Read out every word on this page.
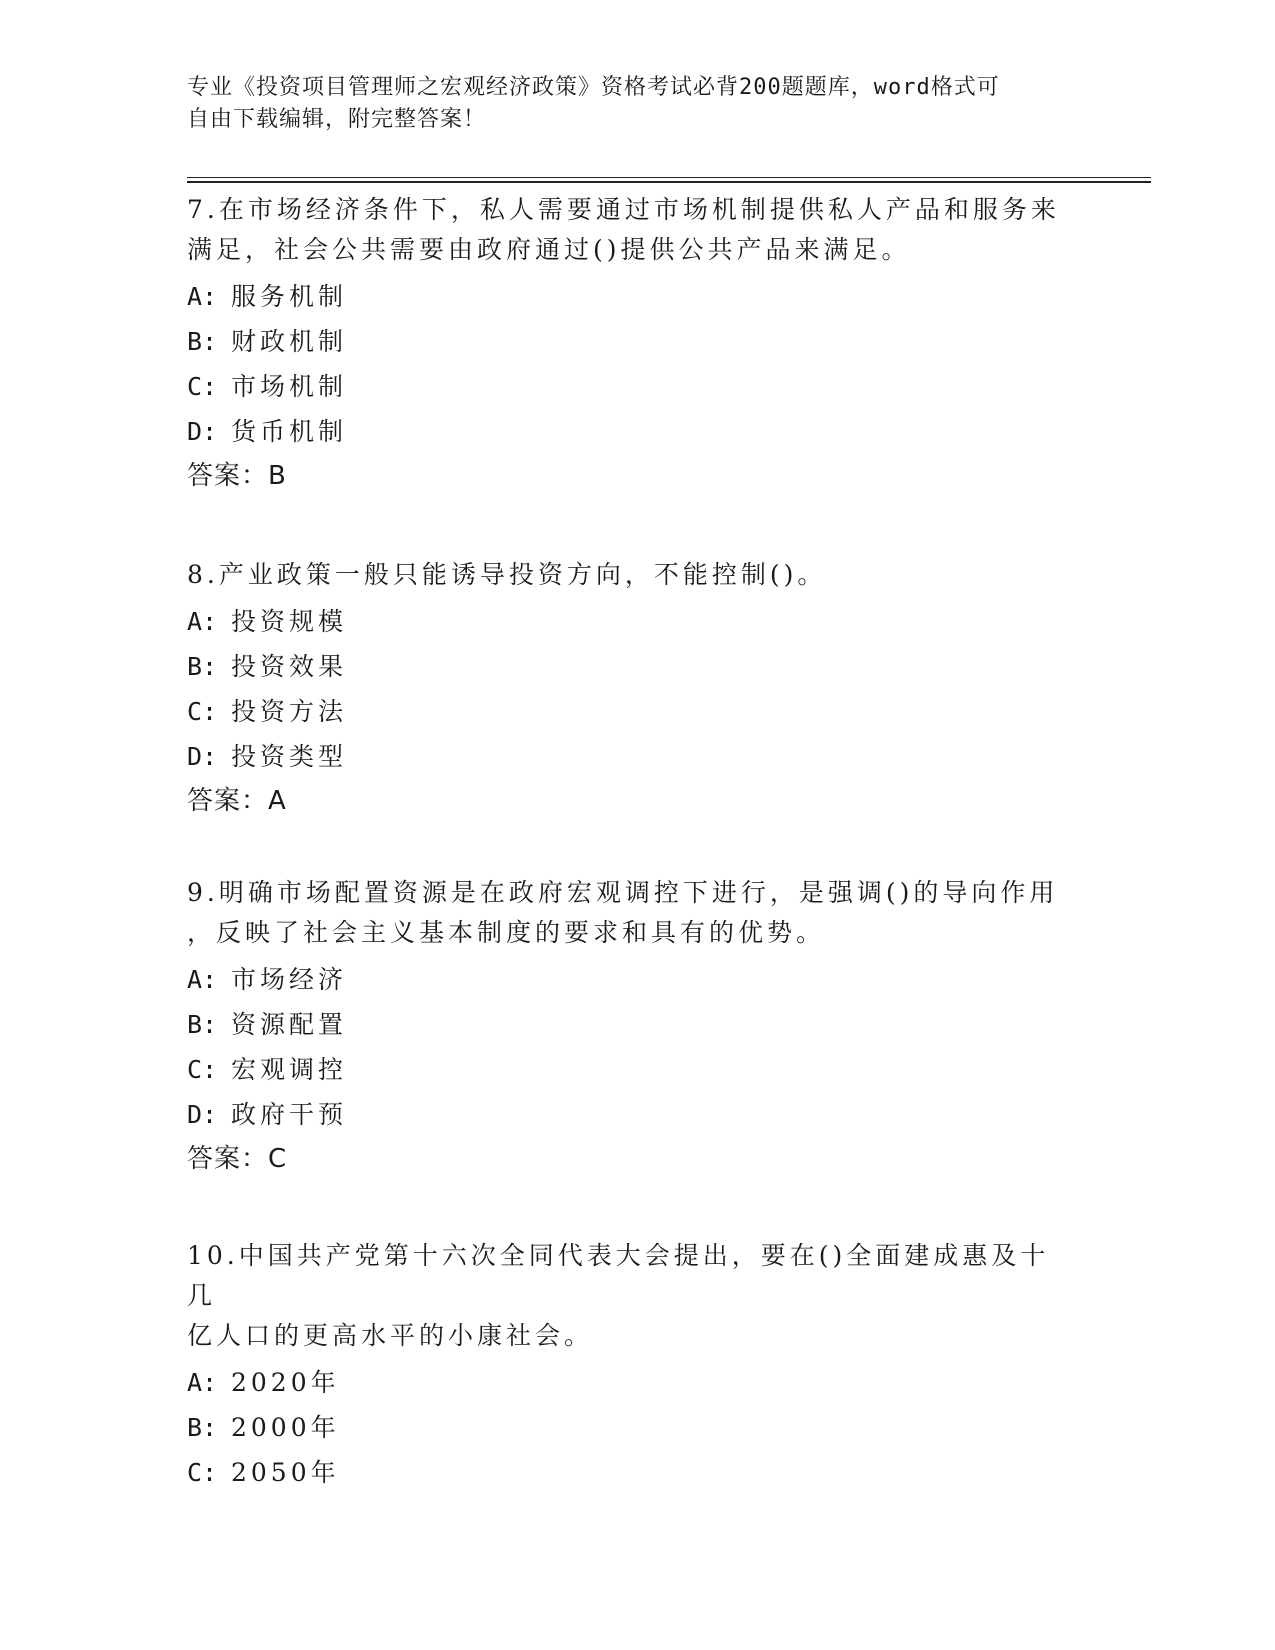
专业《投资项目管理师之宏观经济政策》资格考试必背200题题库，word格式可
自由下载编辑，附完整答案！
7.在市场经济条件下，私人需要通过市场机制提供私人产品和服务来
满足，社会公共需要由政府通过()提供公共产品来满足。
A: 服务机制
B: 财政机制
C: 市场机制
D: 货币机制
答案：B
8.产业政策一般只能诱导投资方向，不能控制()。
A: 投资规模
B: 投资效果
C: 投资方法
D: 投资类型
答案：A
9.明确市场配置资源是在政府宏观调控下进行，是强调()的导向作用
，反映了社会主义基本制度的要求和具有的优势。
A: 市场经济
B: 资源配置
C: 宏观调控
D: 政府干预
答案：C
10.中国共产党第十六次全同代表大会提出，要在()全面建成惠及十几
亿人口的更高水平的小康社会。
A: 2020年
B: 2000年
C: 2050年
